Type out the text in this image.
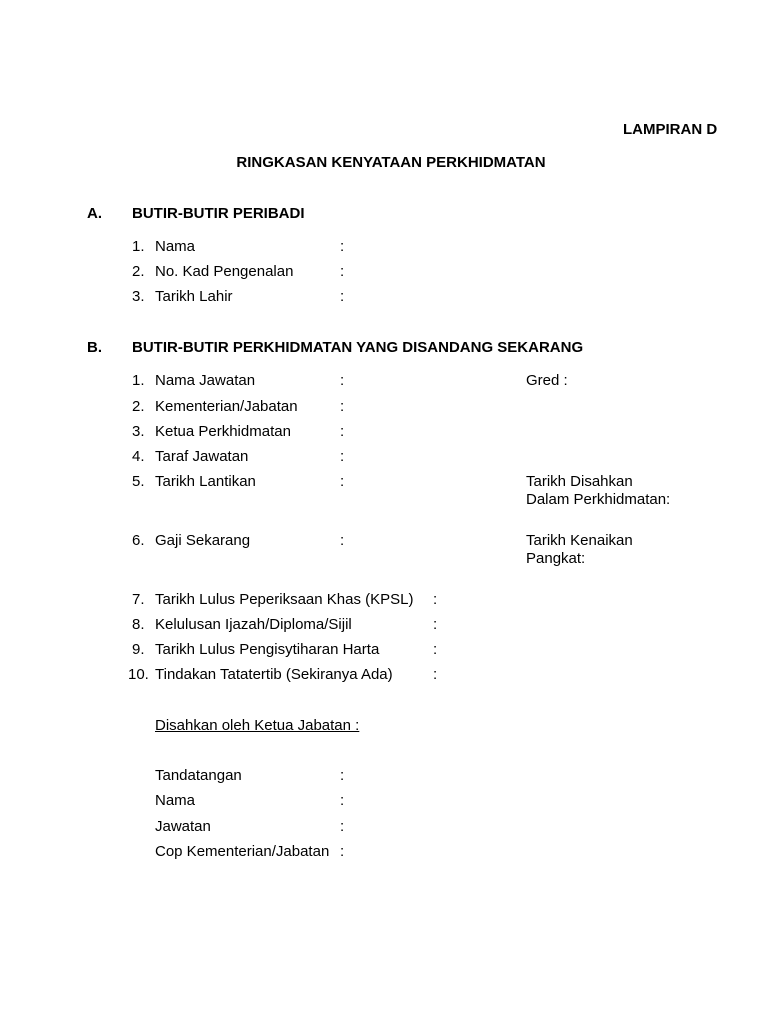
LAMPIRAN D
RINGKASAN KENYATAAN PERKHIDMATAN
A. BUTIR-BUTIR PERIBADI
1. Nama	:
2. No. Kad Pengenalan	:
3. Tarikh Lahir	:
B. BUTIR-BUTIR PERKHIDMATAN YANG DISANDANG SEKARANG
1. Nama Jawatan	:	Gred :
2. Kementerian/Jabatan	:
3. Ketua Perkhidmatan	:
4. Taraf Jawatan	:
5. Tarikh Lantikan	:	Tarikh Disahkan
Dalam Perkhidmatan:
6. Gaji Sekarang	:	Tarikh Kenaikan
Pangkat:
7. Tarikh Lulus Peperiksaan Khas (KPSL) :
8. Kelulusan Ijazah/Diploma/Sijil	:
9. Tarikh Lulus Pengisytiharan Harta	:
10. Tindakan Tatatertib (Sekiranya Ada)	:
Disahkan oleh Ketua Jabatan :
Tandatangan	:
Nama	:
Jawatan	:
Cop Kementerian/Jabatan :
